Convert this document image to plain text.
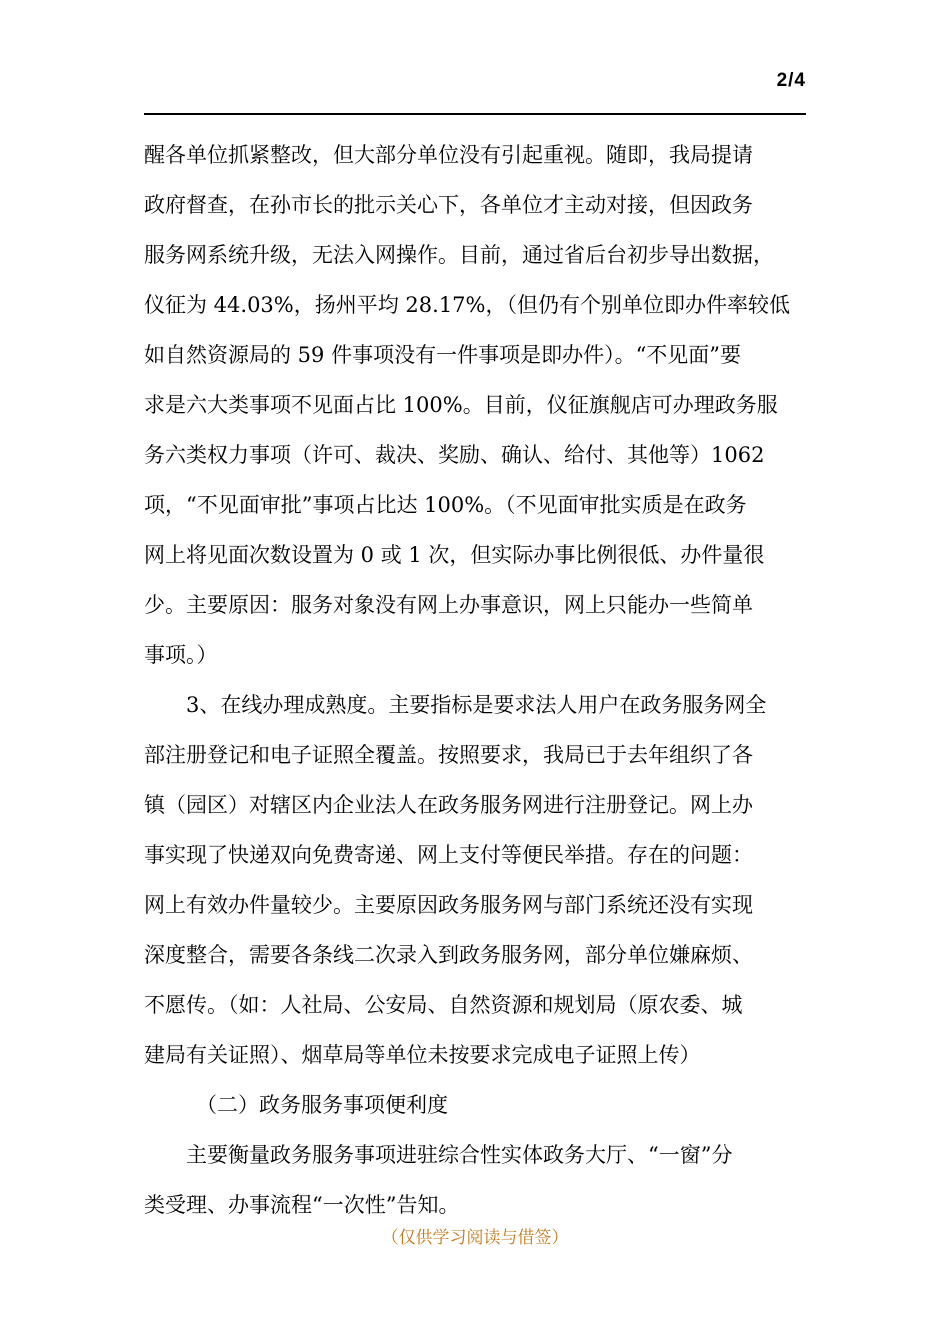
2/4
醒各单位抓紧整改，但大部分单位没有引起重视。随即，我局提请
政府督查，在孙市长的批示关心下，各单位才主动对接，但因政务
服务网系统升级，无法入网操作。目前，通过省后台初步导出数据，
仪征为 44.03%，扬州平均 28.17%，（但仍有个别单位即办件率较低
如自然资源局的 59 件事项没有一件事项是即办件）。“不见面”要
求是六大类事项不见面占比 100%。目前，仪征旗舰店可办理政务服
务六类权力事项（许可、裁决、奖励、确认、给付、其他等）1062
项，“不见面审批”事项占比达 100%。（不见面审批实质是在政务
网上将见面次数设置为 0 或 1 次，但实际办事比例很低、办件量很
少。主要原因：服务对象没有网上办事意识，网上只能办一些简单
事项。）
3、在线办理成熟度。主要指标是要求法人用户在政务服务网全
部注册登记和电子证照全覆盖。按照要求，我局已于去年组织了各
镇（园区）对辖区内企业法人在政务服务网进行注册登记。网上办
事实现了快递双向免费寄递、网上支付等便民举措。存在的问题：
网上有效办件量较少。主要原因政务服务网与部门系统还没有实现
深度整合，需要各条线二次录入到政务服务网，部分单位嫌麻烦、
不愿传。（如：人社局、公安局、自然资源和规划局（原农委、城
建局有关证照）、烟草局等单位未按要求完成电子证照上传）
（二）政务服务事项便利度
主要衡量政务服务事项进驻综合性实体政务大厅、“一窗”分
类受理、办事流程“一次性”告知。
（仅供学习阅读与借签）
